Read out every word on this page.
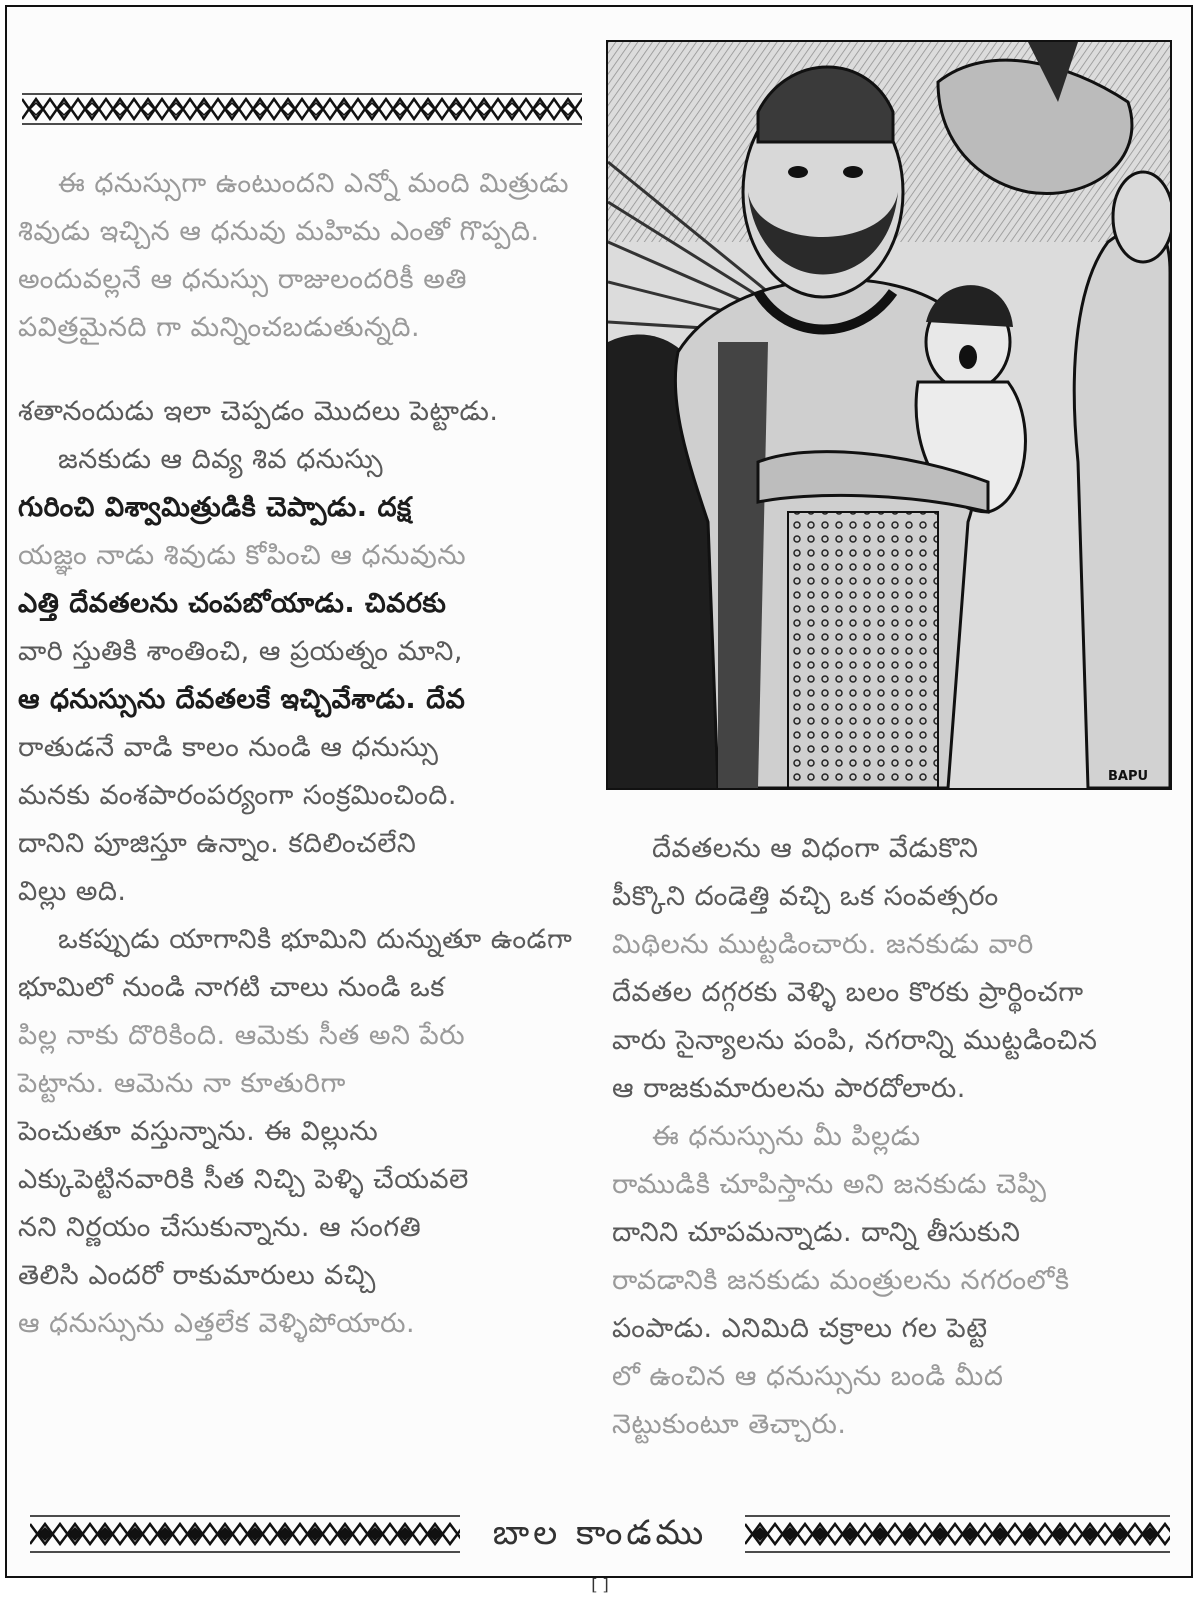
ఈ ధనుస్సుగా ఉంటుందని ఎన్నో మంది మిత్రుడు

శివుడు ఇచ్చిన ఆ ధనువు మహిమ ఎంతో గొప్పది.

అందువల్లనే ఆ ధనుస్సు రాజులందరికీ అతి

పవిత్రమైనది గా మన్నించబడుతున్నది.

శతానందుడు ఇలా చెప్పడం మొదలు పెట్టాడు.

జనకుడు ఆ దివ్య శివ ధనుస్సు

గురించి విశ్వామిత్రుడికి చెప్పాడు. దక్ష

యజ్ఞం నాడు శివుడు కోపించి ఆ ధనువును

ఎత్తి దేవతలను చంపబోయాడు. చివరకు

వారి స్తుతికి శాంతించి, ఆ ప్రయత్నం మాని,

ఆ ధనుస్సును దేవతలకే ఇచ్చివేశాడు. దేవ

రాతుడనే వాడి కాలం నుండి ఆ ధనుస్సు

మనకు వంశపారంపర్యంగా సంక్రమించింది.

దానిని పూజిస్తూ ఉన్నాం. కదిలించలేని

విల్లు అది.

ఒకప్పుడు యాగానికి భూమిని దున్నుతూ ఉండగా

భూమిలో నుండి నాగటి చాలు నుండి ఒక

పిల్ల నాకు దొరికింది. ఆమెకు సీత అని పేరు

పెట్టాను. ఆమెను నా కూతురిగా

పెంచుతూ వస్తున్నాను. ఈ విల్లును

ఎక్కుపెట్టినవారికి సీత నిచ్చి పెళ్ళి చేయవలె

నని నిర్ణయం చేసుకున్నాను. ఆ సంగతి

తెలిసి ఎందరో రాకుమారులు వచ్చి

ఆ ధనుస్సును ఎత్తలేక వెళ్ళిపోయారు.

BAPU

దేవతలను ఆ విధంగా వేడుకొని

పీక్కొని దండెత్తి వచ్చి ఒక సంవత్సరం

మిథిలను ముట్టడించారు. జనకుడు వారి

దేవతల దగ్గరకు వెళ్ళి బలం కొరకు ప్రార్థించగా

వారు సైన్యాలను పంపి, నగరాన్ని ముట్టడించిన

ఆ రాజకుమారులను పారదోలారు.

ఈ ధనుస్సును మీ పిల్లడు

రాముడికి చూపిస్తాను అని జనకుడు చెప్పి

దానిని చూపమన్నాడు. దాన్ని తీసుకుని

రావడానికి జనకుడు మంత్రులను నగరంలోకి

పంపాడు. ఎనిమిది చక్రాలు గల పెట్టె

లో ఉంచిన ఆ ధనుస్సును బండి మీద

నెట్టుకుంటూ తెచ్చారు.

బాల కాండము
[ ]
